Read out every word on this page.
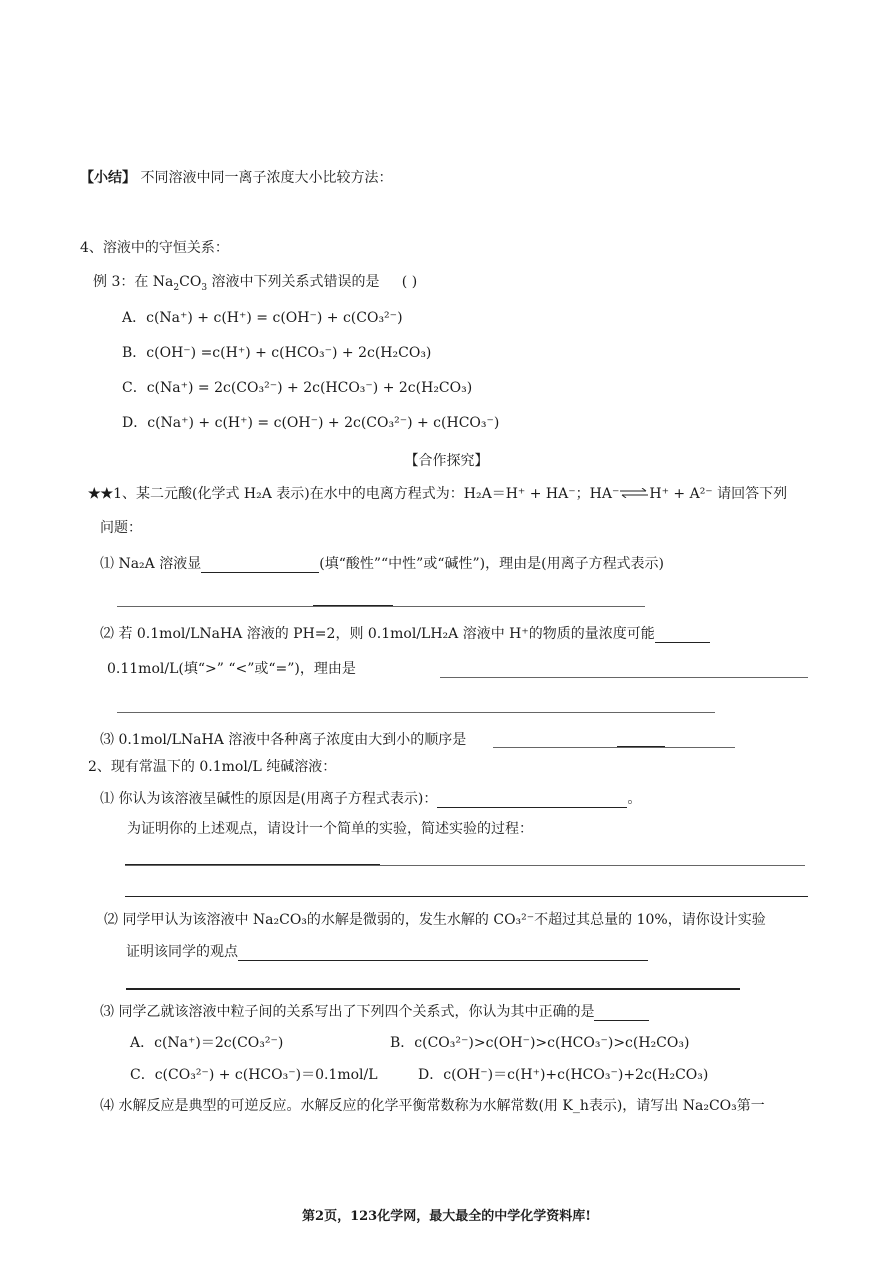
【小结】 不同溶液中同一离子浓度大小比较方法：
4、溶液中的守恒关系：
例 3：在 $Na_2CO_3$ 溶液中下列关系式错误的是 ( )
A．c(Na⁺) + c(H⁺) = c(OH⁻) + c(CO₃²⁻)
B．c(OH⁻) =c(H⁺) + c(HCO₃⁻) + 2c(H₂CO₃)
C．c(Na⁺) = 2c(CO₃²⁻) + 2c(HCO₃⁻) + 2c(H₂CO₃)
D．c(Na⁺) + c(H⁺) = c(OH⁻) + 2c(CO₃²⁻) + c(HCO₃⁻)
【合作探究】
★★1、某二元酸(化学式 H₂A 表示)在水中的电离方程式为：H₂A＝H⁺ + HA⁻；HA⁻⇌H⁺ + A²⁻ 请回答下列
问题：
⑴ Na₂A 溶液显	(填“酸性”“中性”或“碱性”)，理由是(用离子方程式表示)
⑵ 若 0.1mol/LNaHA 溶液的 PH=2，则 0.1mol/LH₂A 溶液中 H⁺的物质的量浓度可能
0.11mol/L(填“>” “<”或“=”)，理由是
⑶ 0.1mol/LNaHA 溶液中各种离子浓度由大到小的顺序是
2、现有常温下的 0.1mol/L 纯碱溶液：
⑴ 你认为该溶液呈碱性的原因是(用离子方程式表示)：	。
为证明你的上述观点，请设计一个简单的实验，简述实验的过程：
⑵ 同学甲认为该溶液中 Na₂CO₃的水解是微弱的，发生水解的 CO₃²⁻不超过其总量的 10%，请你设计实验
证明该同学的观点
⑶ 同学乙就该溶液中粒子间的关系写出了下列四个关系式，你认为其中正确的是
A．c(Na⁺)＝2c(CO₃²⁻)	B．c(CO₃²⁻)>c(OH⁻)>c(HCO₃⁻)>c(H₂CO₃)
C．c(CO₃²⁻) + c(HCO₃⁻)＝0.1mol/L	D．c(OH⁻)＝c(H⁺)+c(HCO₃⁻)+2c(H₂CO₃)
⑷ 水解反应是典型的可逆反应。水解反应的化学平衡常数称为水解常数(用 K_h表示)，请写出 Na₂CO₃第一
第2页，123化学网，最大最全的中学化学资料库!
